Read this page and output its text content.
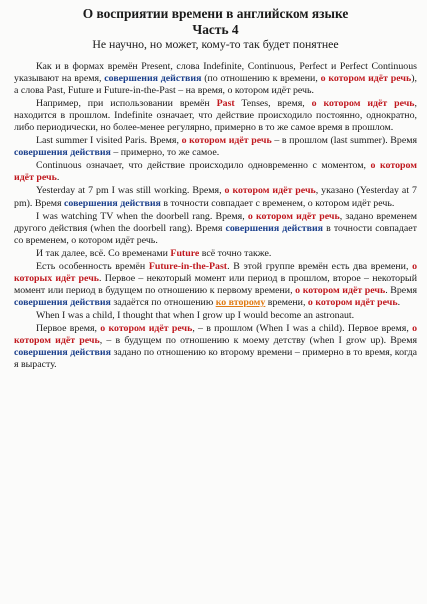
О восприятии времени в английском языке
Часть 4

Не научно, но может, кому-то так будет понятнее

Как и в формах времён Present, слова Indefinite, Continuous, Perfect и Perfect Continuous указывают на время, совершения действия (по отношению к времени, о котором идёт речь), а слова Past, Future и Future-in-the-Past – на время, о котором идёт речь.

Например, при использовании времён Past Tenses, время, о котором идёт речь, находится в прошлом. Indefinite означает, что действие происходило постоянно, однократно, либо периодически, но более-менее регулярно, примерно в то же самое время в прошлом.

Last summer I visited Paris. Время, о котором идёт речь – в прошлом (last summer). Время совершения действия – примерно, то же самое.

Continuous означает, что действие происходило одновременно с моментом, о котором идёт речь.

Yesterday at 7 pm I was still working. Время, о котором идёт речь, указано (Yesterday at 7 pm). Время совершения действия в точности совпадает с временем, о котором идёт речь.

I was watching TV when the doorbell rang. Время, о котором идёт речь, задано временем другого действия (when the doorbell rang). Время совершения действия в точности совпадает со временем, о котором идёт речь.

И так далее, всё. Со временами Future всё точно также.

Есть особенность времён Future-in-the-Past. В этой группе времён есть два времени, о которых идёт речь. Первое – некоторый момент или период в прошлом, второе – некоторый момент или период в будущем по отношению к первому времени, о котором идёт речь. Время совершения действия задаётся по отношению ко второму времени, о котором идёт речь.

When I was a child, I thought that when I grow up I would become an astronaut.

Первое время, о котором идёт речь, – в прошлом (When I was a child). Первое время, о котором идёт речь, – в будущем по отношению к моему детству (when I grow up). Время совершения действия задано по отношению ко второму времени – примерно в то время, когда я вырасту.
